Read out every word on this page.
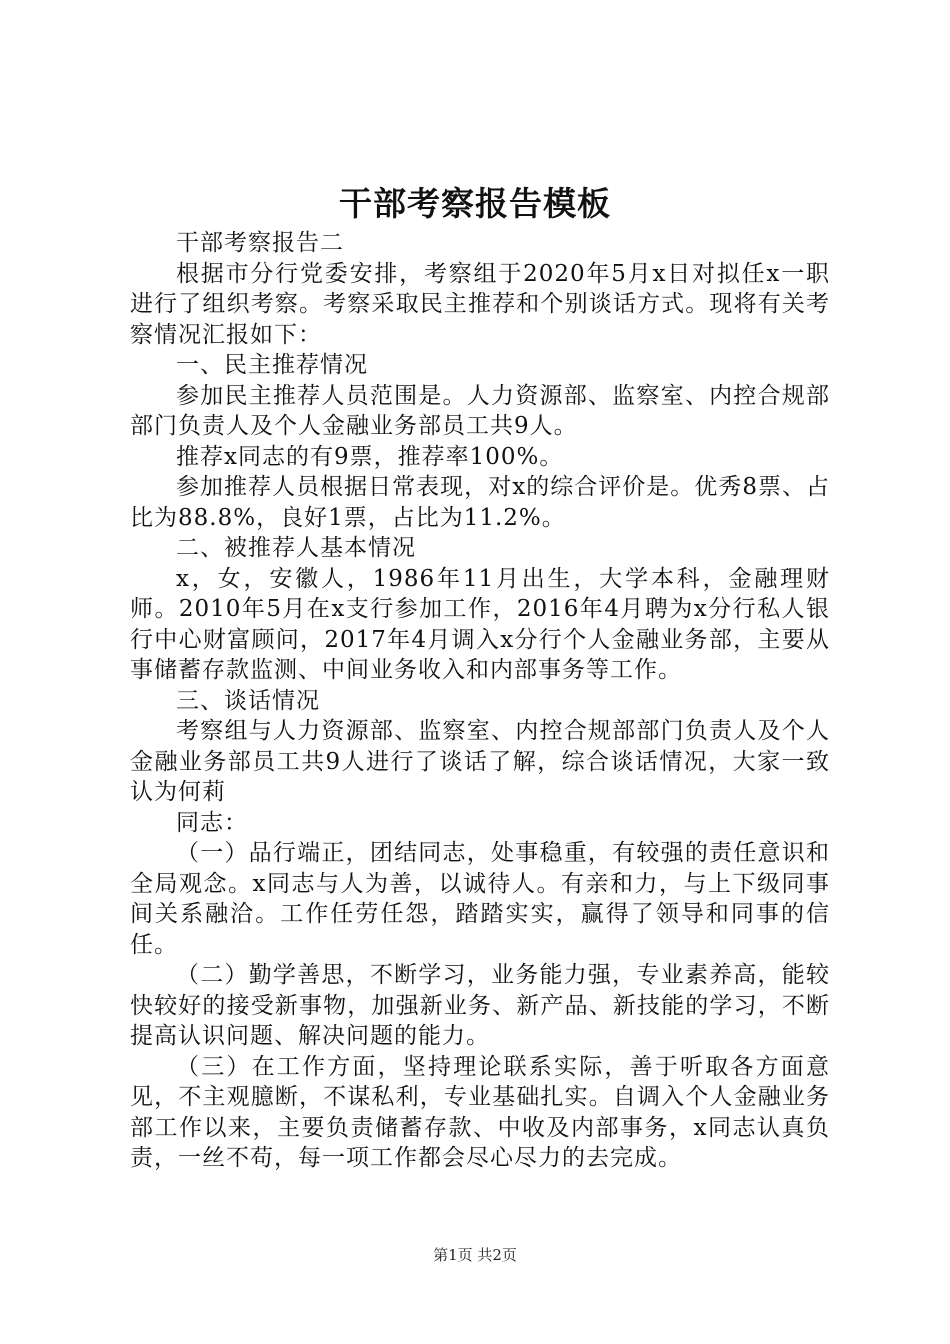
干部考察报告模板

干部考察报告二

根据市分行党委安排，考察组于2020年5月x日对拟任x一职进行了组织考察。考察采取民主推荐和个别谈话方式。现将有关考察情况汇报如下：

一、民主推荐情况

参加民主推荐人员范围是。人力资源部、监察室、内控合规部部门负责人及个人金融业务部员工共9人。

推荐x同志的有9票，推荐率100%。

参加推荐人员根据日常表现，对x的综合评价是。优秀8票、占比为88.8%，良好1票，占比为11.2%。

二、被推荐人基本情况

x，女，安徽人，1986年11月出生，大学本科，金融理财师。2010年5月在x支行参加工作，2016年4月聘为x分行私人银行中心财富顾问，2017年4月调入x分行个人金融业务部，主要从事储蓄存款监测、中间业务收入和内部事务等工作。

三、谈话情况

考察组与人力资源部、监察室、内控合规部部门负责人及个人金融业务部员工共9人进行了谈话了解，综合谈话情况，大家一致认为何莉

同志：

（一）品行端正，团结同志，处事稳重，有较强的责任意识和全局观念。x同志与人为善，以诚待人。有亲和力，与上下级同事间关系融洽。工作任劳任怨，踏踏实实，赢得了领导和同事的信任。

（二）勤学善思，不断学习，业务能力强，专业素养高，能较快较好的接受新事物，加强新业务、新产品、新技能的学习，不断提高认识问题、解决问题的能力。

（三）在工作方面，坚持理论联系实际，善于听取各方面意见，不主观臆断，不谋私利，专业基础扎实。自调入个人金融业务部工作以来，主要负责储蓄存款、中收及内部事务，x同志认真负责，一丝不苟，每一项工作都会尽心尽力的去完成。

第1页 共2页
